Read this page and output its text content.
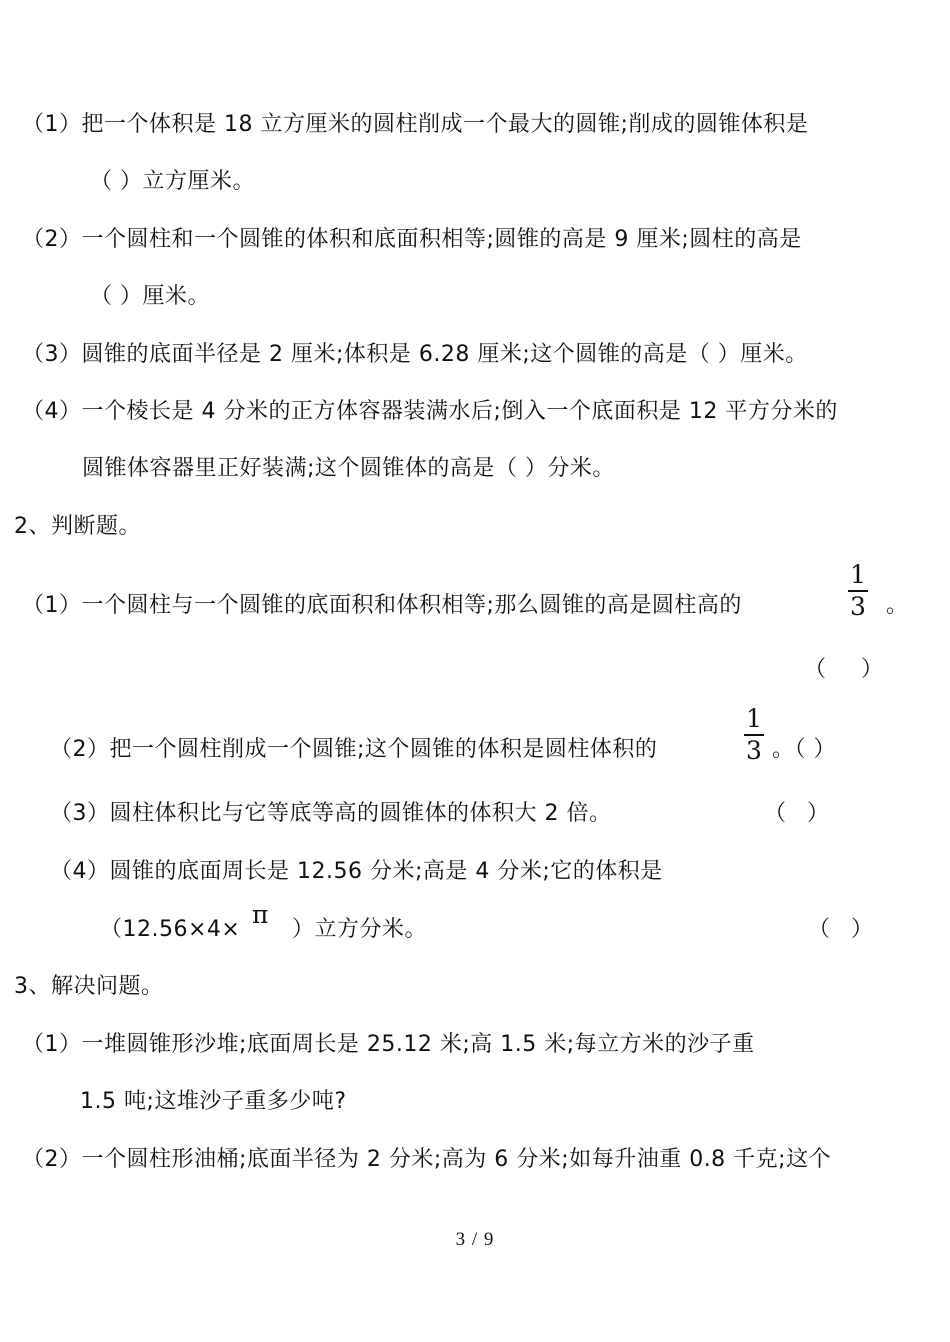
（1）把一个体积是 18 立方厘米的圆柱削成一个最大的圆锥;削成的圆锥体积是
（ ）立方厘米。
（2）一个圆柱和一个圆锥的体积和底面积相等;圆锥的高是 9 厘米;圆柱的高是
（ ）厘米。
（3）圆锥的底面半径是 2 厘米;体积是 6.28 厘米;这个圆锥的高是（ ）厘米。
（4）一个棱长是 4 分米的正方体容器装满水后;倒入一个底面积是 12 平方分米的
圆锥体容器里正好装满;这个圆锥体的高是（ ）分米。
2、判断题。
（1）一个圆柱与一个圆锥的底面积和体积相等;那么圆锥的高是圆柱高的
1
3 。
（     ）
（2）把一个圆柱削成一个圆锥;这个圆锥的体积是圆柱体积的
1
3 。（ ）
（3）圆柱体积比与它等底等高的圆锥体的体积大 2 倍。	（   ）
（4）圆锥的底面周长是 12.56 分米;高是 4 分米;它的体积是
（12.56×4×
π
）立方分米。	（   ）
3、解决问题。
（1）一堆圆锥形沙堆;底面周长是 25.12 米;高 1.5 米;每立方米的沙子重
1.5 吨;这堆沙子重多少吨?
（2）一个圆柱形油桶;底面半径为 2 分米;高为 6 分米;如每升油重 0.8 千克;这个
3 / 9
